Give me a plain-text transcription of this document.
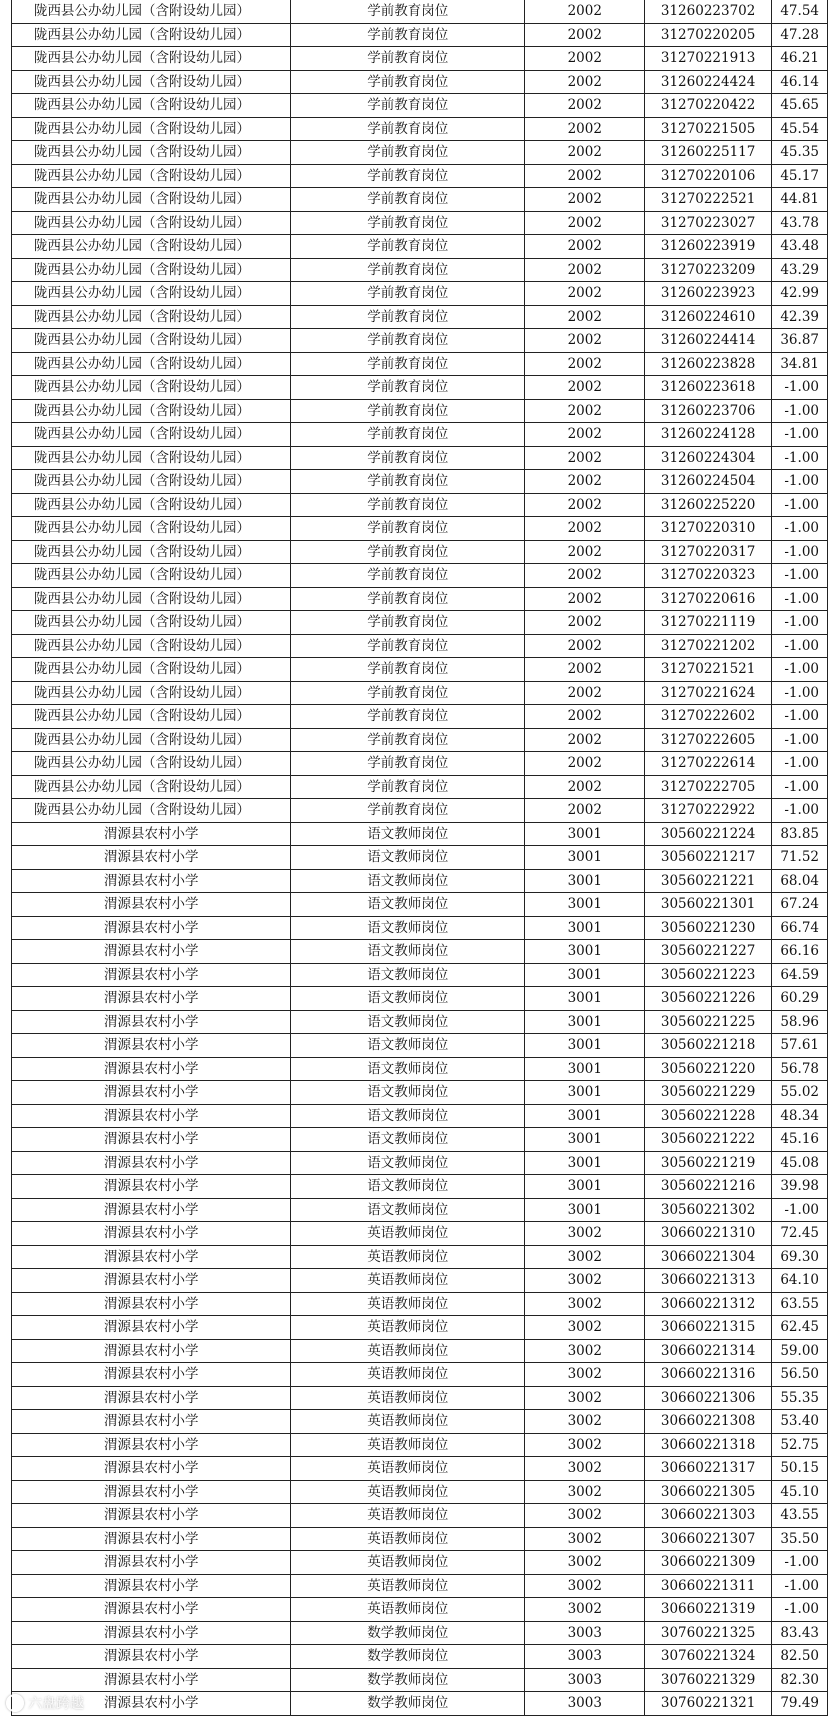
陇西县公办幼儿园（含附设幼儿园）	学前教育岗位	2002	31260223702	47.54
陇西县公办幼儿园（含附设幼儿园）	学前教育岗位	2002	31270220205	47.28
陇西县公办幼儿园（含附设幼儿园）	学前教育岗位	2002	31270221913	46.21
陇西县公办幼儿园（含附设幼儿园）	学前教育岗位	2002	31260224424	46.14
陇西县公办幼儿园（含附设幼儿园）	学前教育岗位	2002	31270220422	45.65
陇西县公办幼儿园（含附设幼儿园）	学前教育岗位	2002	31270221505	45.54
陇西县公办幼儿园（含附设幼儿园）	学前教育岗位	2002	31260225117	45.35
陇西县公办幼儿园（含附设幼儿园）	学前教育岗位	2002	31270220106	45.17
陇西县公办幼儿园（含附设幼儿园）	学前教育岗位	2002	31270222521	44.81
陇西县公办幼儿园（含附设幼儿园）	学前教育岗位	2002	31270223027	43.78
陇西县公办幼儿园（含附设幼儿园）	学前教育岗位	2002	31260223919	43.48
陇西县公办幼儿园（含附设幼儿园）	学前教育岗位	2002	31270223209	43.29
陇西县公办幼儿园（含附设幼儿园）	学前教育岗位	2002	31260223923	42.99
陇西县公办幼儿园（含附设幼儿园）	学前教育岗位	2002	31260224610	42.39
陇西县公办幼儿园（含附设幼儿园）	学前教育岗位	2002	31260224414	36.87
陇西县公办幼儿园（含附设幼儿园）	学前教育岗位	2002	31260223828	34.81
陇西县公办幼儿园（含附设幼儿园）	学前教育岗位	2002	31260223618	-1.00
陇西县公办幼儿园（含附设幼儿园）	学前教育岗位	2002	31260223706	-1.00
陇西县公办幼儿园（含附设幼儿园）	学前教育岗位	2002	31260224128	-1.00
陇西县公办幼儿园（含附设幼儿园）	学前教育岗位	2002	31260224304	-1.00
陇西县公办幼儿园（含附设幼儿园）	学前教育岗位	2002	31260224504	-1.00
陇西县公办幼儿园（含附设幼儿园）	学前教育岗位	2002	31260225220	-1.00
陇西县公办幼儿园（含附设幼儿园）	学前教育岗位	2002	31270220310	-1.00
陇西县公办幼儿园（含附设幼儿园）	学前教育岗位	2002	31270220317	-1.00
陇西县公办幼儿园（含附设幼儿园）	学前教育岗位	2002	31270220323	-1.00
陇西县公办幼儿园（含附设幼儿园）	学前教育岗位	2002	31270220616	-1.00
陇西县公办幼儿园（含附设幼儿园）	学前教育岗位	2002	31270221119	-1.00
陇西县公办幼儿园（含附设幼儿园）	学前教育岗位	2002	31270221202	-1.00
陇西县公办幼儿园（含附设幼儿园）	学前教育岗位	2002	31270221521	-1.00
陇西县公办幼儿园（含附设幼儿园）	学前教育岗位	2002	31270221624	-1.00
陇西县公办幼儿园（含附设幼儿园）	学前教育岗位	2002	31270222602	-1.00
陇西县公办幼儿园（含附设幼儿园）	学前教育岗位	2002	31270222605	-1.00
陇西县公办幼儿园（含附设幼儿园）	学前教育岗位	2002	31270222614	-1.00
陇西县公办幼儿园（含附设幼儿园）	学前教育岗位	2002	31270222705	-1.00
陇西县公办幼儿园（含附设幼儿园）	学前教育岗位	2002	31270222922	-1.00
渭源县农村小学	语文教师岗位	3001	30560221224	83.85
渭源县农村小学	语文教师岗位	3001	30560221217	71.52
渭源县农村小学	语文教师岗位	3001	30560221221	68.04
渭源县农村小学	语文教师岗位	3001	30560221301	67.24
渭源县农村小学	语文教师岗位	3001	30560221230	66.74
渭源县农村小学	语文教师岗位	3001	30560221227	66.16
渭源县农村小学	语文教师岗位	3001	30560221223	64.59
渭源县农村小学	语文教师岗位	3001	30560221226	60.29
渭源县农村小学	语文教师岗位	3001	30560221225	58.96
渭源县农村小学	语文教师岗位	3001	30560221218	57.61
渭源县农村小学	语文教师岗位	3001	30560221220	56.78
渭源县农村小学	语文教师岗位	3001	30560221229	55.02
渭源县农村小学	语文教师岗位	3001	30560221228	48.34
渭源县农村小学	语文教师岗位	3001	30560221222	45.16
渭源县农村小学	语文教师岗位	3001	30560221219	45.08
渭源县农村小学	语文教师岗位	3001	30560221216	39.98
渭源县农村小学	语文教师岗位	3001	30560221302	-1.00
渭源县农村小学	英语教师岗位	3002	30660221310	72.45
渭源县农村小学	英语教师岗位	3002	30660221304	69.30
渭源县农村小学	英语教师岗位	3002	30660221313	64.10
渭源县农村小学	英语教师岗位	3002	30660221312	63.55
渭源县农村小学	英语教师岗位	3002	30660221315	62.45
渭源县农村小学	英语教师岗位	3002	30660221314	59.00
渭源县农村小学	英语教师岗位	3002	30660221316	56.50
渭源县农村小学	英语教师岗位	3002	30660221306	55.35
渭源县农村小学	英语教师岗位	3002	30660221308	53.40
渭源县农村小学	英语教师岗位	3002	30660221318	52.75
渭源县农村小学	英语教师岗位	3002	30660221317	50.15
渭源县农村小学	英语教师岗位	3002	30660221305	45.10
渭源县农村小学	英语教师岗位	3002	30660221303	43.55
渭源县农村小学	英语教师岗位	3002	30660221307	35.50
渭源县农村小学	英语教师岗位	3002	30660221309	-1.00
渭源县农村小学	英语教师岗位	3002	30660221311	-1.00
渭源县农村小学	英语教师岗位	3002	30660221319	-1.00
渭源县农村小学	数学教师岗位	3003	30760221325	83.43
渭源县农村小学	数学教师岗位	3003	30760221324	82.50
渭源县农村小学	数学教师岗位	3003	30760221329	82.30
渭源县农村小学	数学教师岗位	3003	30760221321	79.49
六盘跨越
